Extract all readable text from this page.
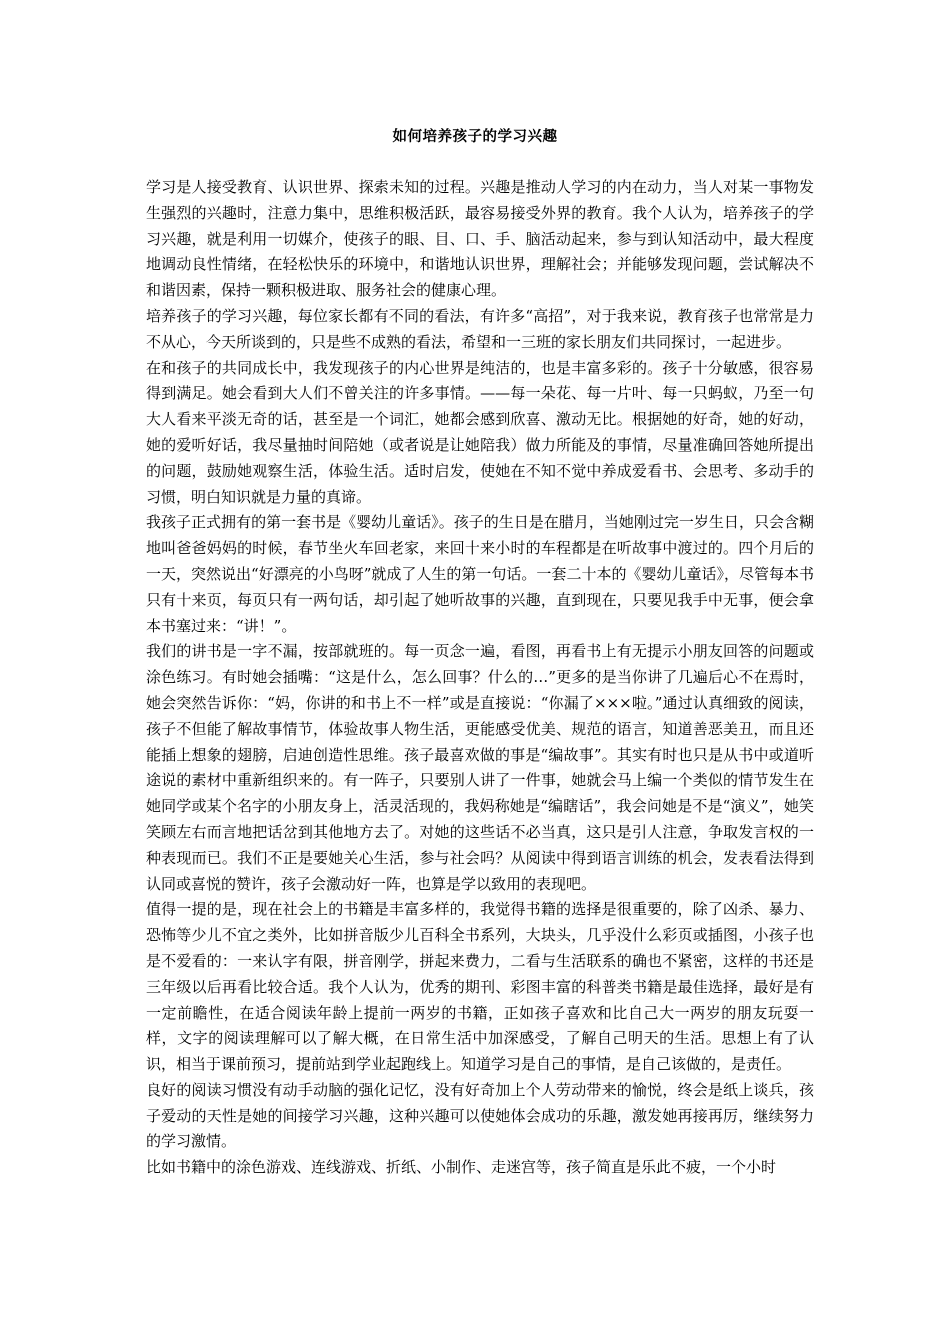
如何培养孩子的学习兴趣

学习是人接受教育、认识世界、探索未知的过程。兴趣是推动人学习的内在动力，当人对某一事物发生强烈的兴趣时，注意力集中，思维积极活跃，最容易接受外界的教育。我个人认为，培养孩子的学习兴趣，就是利用一切媒介，使孩子的眼、目、口、手、脑活动起来，参与到认知活动中，最大程度地调动良性情绪，在轻松快乐的环境中，和谐地认识世界，理解社会；并能够发现问题，尝试解决不和谐因素，保持一颗积极进取、服务社会的健康心理。

培养孩子的学习兴趣，每位家长都有不同的看法，有许多“高招”，对于我来说，教育孩子也常常是力不从心，今天所谈到的，只是些不成熟的看法，希望和一三班的家长朋友们共同探讨，一起进步。

在和孩子的共同成长中，我发现孩子的内心世界是纯洁的，也是丰富多彩的。孩子十分敏感，很容易得到满足。她会看到大人们不曾关注的许多事情。——每一朵花、每一片叶、每一只蚂蚁，乃至一句大人看来平淡无奇的话，甚至是一个词汇，她都会感到欣喜、激动无比。根据她的好奇，她的好动，她的爱听好话，我尽量抽时间陪她（或者说是让她陪我）做力所能及的事情，尽量准确回答她所提出的问题，鼓励她观察生活，体验生活。适时启发，使她在不知不觉中养成爱看书、会思考、多动手的习惯，明白知识就是力量的真谛。

我孩子正式拥有的第一套书是《婴幼儿童话》。孩子的生日是在腊月，当她刚过完一岁生日，只会含糊地叫爸爸妈妈的时候，春节坐火车回老家，来回十来小时的车程都是在听故事中渡过的。四个月后的一天，突然说出“好漂亮的小鸟呀”就成了人生的第一句话。一套二十本的《婴幼儿童话》，尽管每本书只有十来页，每页只有一两句话，却引起了她听故事的兴趣，直到现在，只要见我手中无事，便会拿本书塞过来：“讲！”。

我们的讲书是一字不漏，按部就班的。每一页念一遍，看图，再看书上有无提示小朋友回答的问题或涂色练习。有时她会插嘴：“这是什么，怎么回事？什么的…”更多的是当你讲了几遍后心不在焉时，她会突然告诉你：“妈，你讲的和书上不一样”或是直接说：“你漏了×××啦。”通过认真细致的阅读，孩子不但能了解故事情节，体验故事人物生活，更能感受优美、规范的语言，知道善恶美丑，而且还能插上想象的翅膀，启迪创造性思维。孩子最喜欢做的事是“编故事”。其实有时也只是从书中或道听途说的素材中重新组织来的。有一阵子，只要别人讲了一件事，她就会马上编一个类似的情节发生在她同学或某个名字的小朋友身上，活灵活现的，我妈称她是“编瞎话”，我会问她是不是“演义”，她笑笑顾左右而言地把话岔到其他地方去了。对她的这些话不必当真，这只是引人注意，争取发言权的一种表现而已。我们不正是要她关心生活，参与社会吗？从阅读中得到语言训练的机会，发表看法得到认同或喜悦的赞许，孩子会激动好一阵，也算是学以致用的表现吧。

值得一提的是，现在社会上的书籍是丰富多样的，我觉得书籍的选择是很重要的，除了凶杀、暴力、恐怖等少儿不宜之类外，比如拼音版少儿百科全书系列，大块头，几乎没什么彩页或插图，小孩子也是不爱看的：一来认字有限，拼音刚学，拼起来费力，二看与生活联系的确也不紧密，这样的书还是三年级以后再看比较合适。我个人认为，优秀的期刊、彩图丰富的科普类书籍是最佳选择，最好是有一定前瞻性，在适合阅读年龄上提前一两岁的书籍，正如孩子喜欢和比自己大一两岁的朋友玩耍一样，文字的阅读理解可以了解大概，在日常生活中加深感受，了解自己明天的生活。思想上有了认识，相当于课前预习，提前站到学业起跑线上。知道学习是自己的事情，是自己该做的，是责任。

良好的阅读习惯没有动手动脑的强化记忆，没有好奇加上个人劳动带来的愉悦，终会是纸上谈兵，孩子爱动的天性是她的间接学习兴趣，这种兴趣可以使她体会成功的乐趣，激发她再接再厉，继续努力的学习激情。

比如书籍中的涂色游戏、连线游戏、折纸、小制作、走迷宫等，孩子简直是乐此不疲，一个小时
